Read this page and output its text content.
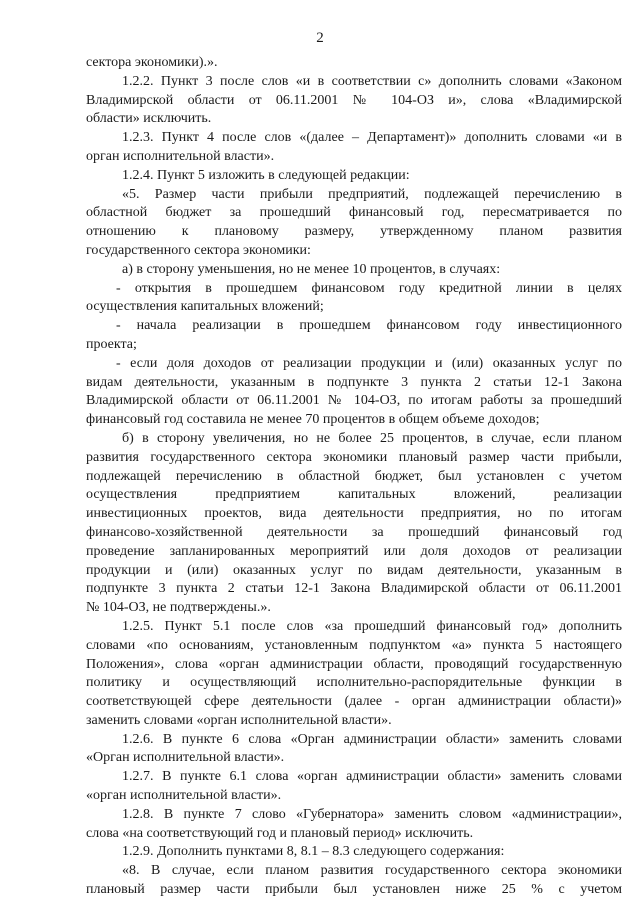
2
сектора экономики).».
1.2.2. Пункт 3 после слов «и в соответствии с» дополнить словами «Законом
Владимирской области от 06.11.2001 № 104-ОЗ и», слова «Владимирской
области» исключить.
1.2.3. Пункт 4 после слов «(далее – Департамент)» дополнить словами «и в
орган исполнительной власти».
1.2.4. Пункт 5 изложить в следующей редакции:
«5. Размер части прибыли предприятий, подлежащей перечислению в
областной бюджет за прошедший финансовый год, пересматривается по
отношению к плановому размеру, утвержденному планом развития
государственного сектора экономики:
а) в сторону уменьшения, но не менее 10 процентов, в случаях:
- открытия в прошедшем финансовом году кредитной линии в целях
осуществления капитальных вложений;
- начала реализации в прошедшем финансовом году инвестиционного
проекта;
- если доля доходов от реализации продукции и (или) оказанных услуг по
видам деятельности, указанным в подпункте 3 пункта 2 статьи 12-1 Закона
Владимирской области от 06.11.2001 № 104-ОЗ, по итогам работы за прошедший
финансовый год составила не менее 70 процентов в общем объеме доходов;
б) в сторону увеличения, но не более 25 процентов, в случае, если планом
развития государственного сектора экономики плановый размер части прибыли,
подлежащей перечислению в областной бюджет, был установлен с учетом
осуществления предприятием капитальных вложений, реализации
инвестиционных проектов, вида деятельности предприятия, но по итогам
финансово-хозяйственной деятельности за прошедший финансовый год
проведение запланированных мероприятий или доля доходов от реализации
продукции и (или) оказанных услуг по видам деятельности, указанным в
подпункте 3 пункта 2 статьи 12-1 Закона Владимирской области от 06.11.2001
№ 104-ОЗ, не подтверждены.».
1.2.5. Пункт 5.1 после слов «за прошедший финансовый год» дополнить
словами «по основаниям, установленным подпунктом «а» пункта 5 настоящего
Положения», слова «орган администрации области, проводящий государственную
политику и осуществляющий исполнительно-распорядительные функции в
соответствующей сфере деятельности (далее - орган администрации области)»
заменить словами «орган исполнительной власти».
1.2.6. В пункте 6 слова «Орган администрации области» заменить словами
«Орган исполнительной власти».
1.2.7. В пункте 6.1 слова «орган администрации области» заменить словами
«орган исполнительной власти».
1.2.8. В пункте 7 слово «Губернатора» заменить словом «администрации»,
слова «на соответствующий год и плановый период» исключить.
1.2.9. Дополнить пунктами 8, 8.1 – 8.3 следующего содержания:
«8. В случае, если планом развития государственного сектора экономики
плановый размер части прибыли был установлен ниже 25 % с учетом
